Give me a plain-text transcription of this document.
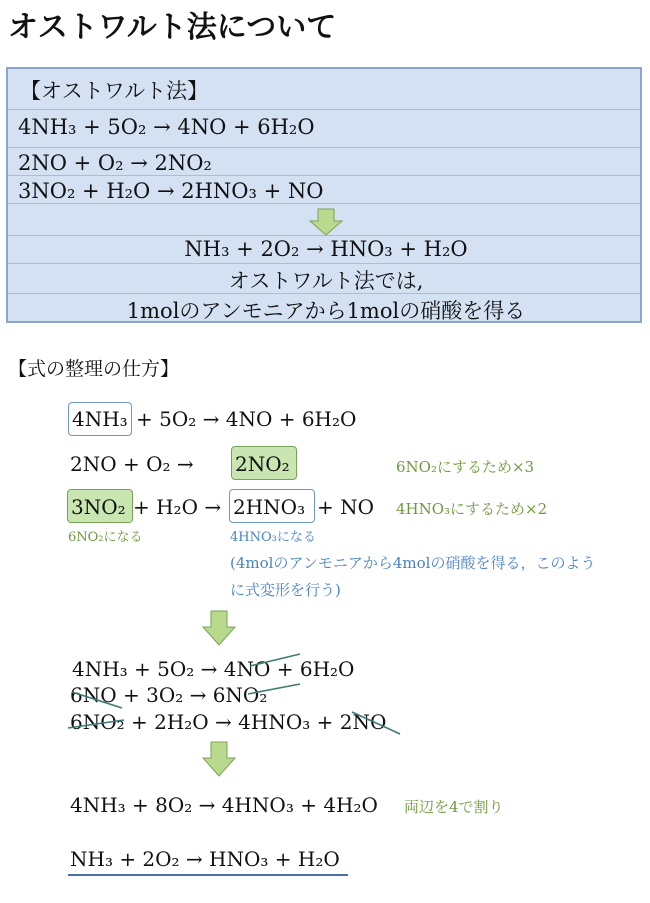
オストワルト法について
【オストワルト法】
4NH₃ + 5O₂ → 4NO + 6H₂O
2NO + O₂ → 2NO₂
3NO₂ + H₂O → 2HNO₃ + NO
NH₃ + 2O₂ → HNO₃ + H₂O
オストワルト法では,
1molのアンモニアから1molの硝酸を得る
【式の整理の仕方】
4NH₃ + 5O₂ → 4NO + 6H₂O
2NO + O₂ → 2NO₂	6NO₂にするため×3
3NO₂ + H₂O → 2HNO₃ + NO 4HNO₃にするため×2
6NO₂になる	4HNO₃になる
(4molのアンモニアから4molの硝酸を得る，このよう
に式変形を行う)
4NH₃ + 5O₂ → 4NO + 6H₂O
6NO + 3O₂ → 6NO₂
6NO₂ + 2H₂O → 4HNO₃ + 2NO
4NH₃ + 8O₂ → 4HNO₃ + 4H₂O 両辺を4で割り
NH₃ + 2O₂ → HNO₃ + H₂O
